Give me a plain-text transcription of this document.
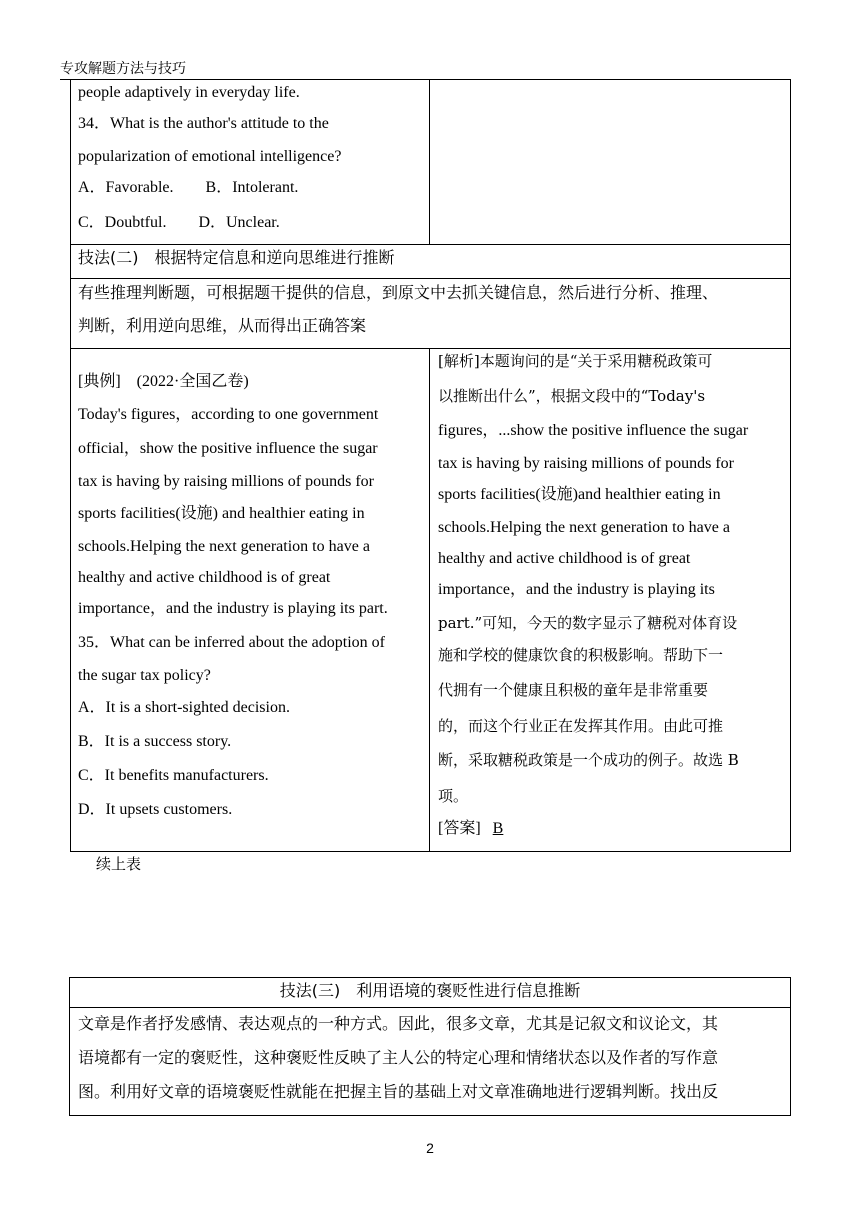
专攻解题方法与技巧
people adaptively in everyday life.
34．What is the author's attitude to the
popularization of emotional intelligence?
A．Favorable.　　B．Intolerant.
C．Doubtful.　　D．Unclear.
技法(二)　根据特定信息和逆向思维进行推断
有些推理判断题，可根据题干提供的信息，到原文中去抓关键信息，然后进行分析、推理、
判断，利用逆向思维，从而得出正确答案
[典例]　(2022·全国乙卷)
Today's figures，according to one government
official，show the positive influence the sugar
tax is having by raising millions of pounds for
sports facilities(设施) and healthier eating in
schools.Helping the next generation to have a
healthy and active childhood is of great
importance，and the industry is playing its part.
35．What can be inferred about the adoption of
the sugar tax policy?
A．It is a short-sighted decision.
B．It is a success story.
C．It benefits manufacturers.
D．It upsets customers.
[解析]本题询问的是“关于采用糖税政策可
以推断出什么”，根据文段中的“Today's
figures，...show the positive influence the sugar
tax is having by raising millions of pounds for
sports facilities(设施)and healthier eating in
schools.Helping the next generation to have a
healthy and active childhood is of great
importance，and the industry is playing its
part.”可知，今天的数字显示了糖税对体育设
施和学校的健康饮食的积极影响。帮助下一
代拥有一个健康且积极的童年是非常重要
的，而这个行业正在发挥其作用。由此可推
断，采取糖税政策是一个成功的例子。故选 B
项。
[答案] B
续上表
技法(三)　利用语境的褒贬性进行信息推断
文章是作者抒发感情、表达观点的一种方式。因此，很多文章，尤其是记叙文和议论文，其
语境都有一定的褒贬性，这种褒贬性反映了主人公的特定心理和情绪状态以及作者的写作意
图。利用好文章的语境褒贬性就能在把握主旨的基础上对文章准确地进行逻辑判断。找出反
2
